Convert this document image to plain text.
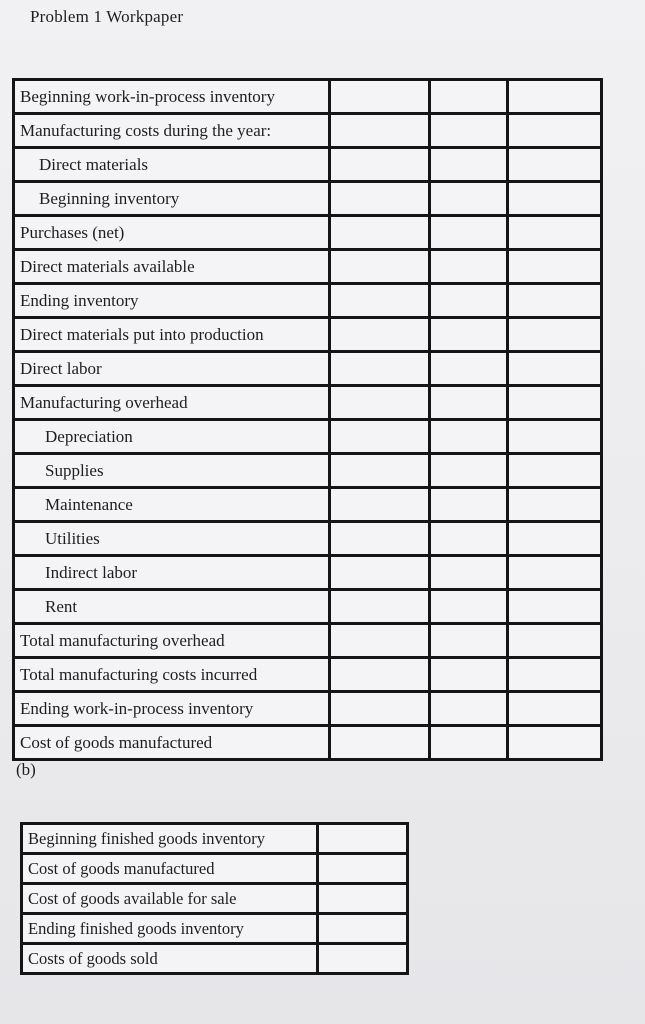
Problem 1 Workpaper
Beginning work-in-process inventory			
Manufacturing costs during the year:			
Direct materials			
Beginning inventory			
Purchases (net)			
Direct materials available			
Ending inventory			
Direct materials put into production			
Direct labor			
Manufacturing overhead			
Depreciation			
Supplies			
Maintenance			
Utilities			
Indirect labor			
Rent			
Total manufacturing overhead			
Total manufacturing costs incurred			
Ending work-in-process inventory			
Cost of goods manufactured			
(b)
Beginning finished goods inventory	
Cost of goods manufactured	
Cost of goods available for sale	
Ending finished goods inventory	
Costs of goods sold	
